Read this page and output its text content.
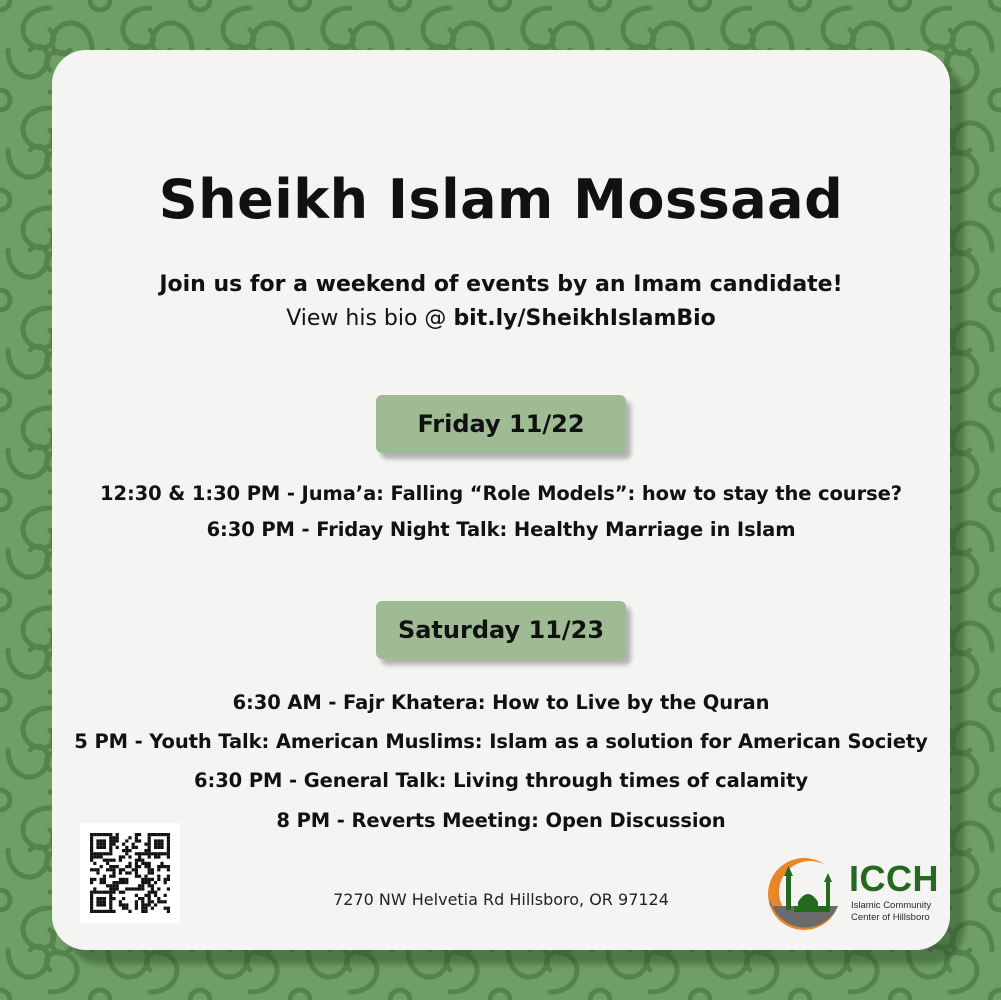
Sheikh Islam Mossaad
Join us for a weekend of events by an Imam candidate!
View his bio @ bit.ly/SheikhIslamBio
Friday 11/22
12:30 & 1:30 PM - Juma’a: Falling “Role Models”: how to stay the course?
6:30 PM - Friday Night Talk: Healthy Marriage in Islam
Saturday 11/23
6:30 AM - Fajr Khatera: How to Live by the Quran
5 PM - Youth Talk: American Muslims: Islam as a solution for American Society
6:30 PM - General Talk: Living through times of calamity
8 PM - Reverts Meeting: Open Discussion
7270 NW Helvetia Rd Hillsboro, OR 97124
ICCH
Islamic Community
Center of Hillsboro
